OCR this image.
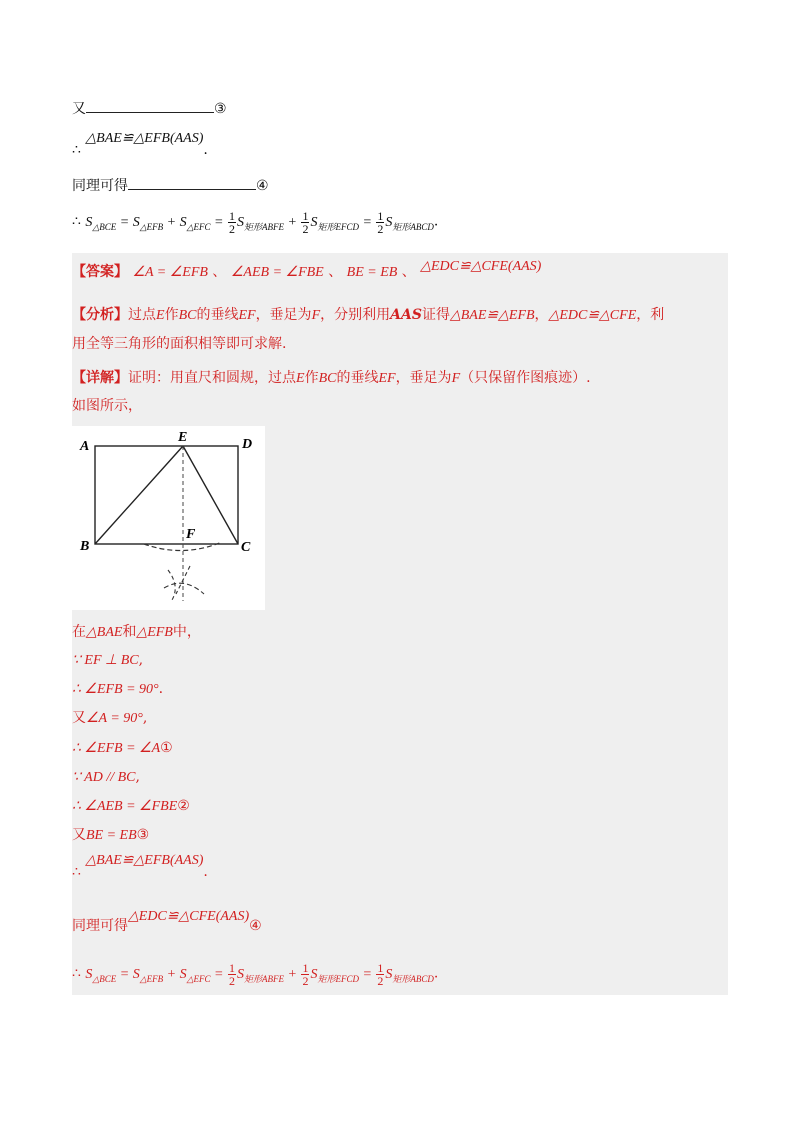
又	③
∴ △BAE≌△EFB(AAS).
同理可得	④
∴ $S_{\triangle BCE} = S_{\triangle EFB} + S_{\triangle EFC} = \frac{1}{2} S_{矩形ABFE} + \frac{1}{2} S_{矩形EFCD} = \frac{1}{2} S_{矩形ABCD}$.
【答案】 ∠A = ∠EFB 、 ∠AEB = ∠FBE 、 BE = EB 、 △EDC≌△CFE(AAS)
【分析】过点E作BC的垂线EF，垂足为F，分别利用AAS证得△BAE≌△EFB，△EDC≌△CFE，利
用全等三角形的面积相等即可求解.
【详解】证明：用直尺和圆规，过点E作BC的垂线EF，垂足为F（只保留作图痕迹）.
如图所示，
A
E	D
B
F
C
在△BAE和△EFB中，
∵ EF ⊥ BC,
∴ ∠EFB = 90°.
又∠A = 90°,
∴ ∠EFB = ∠A①
∵ AD // BC,
∴ ∠AEB = ∠FBE②
又BE = EB③
∴ △BAE≌△EFB(AAS).
同理可得△EDC≌△CFE(AAS)④
∴ $S_{\triangle BCE} = S_{\triangle EFB} + S_{\triangle EFC} = \frac{1}{2} S_{矩形ABFE} + \frac{1}{2} S_{矩形EFCD} = \frac{1}{2} S_{矩形ABCD}$.
